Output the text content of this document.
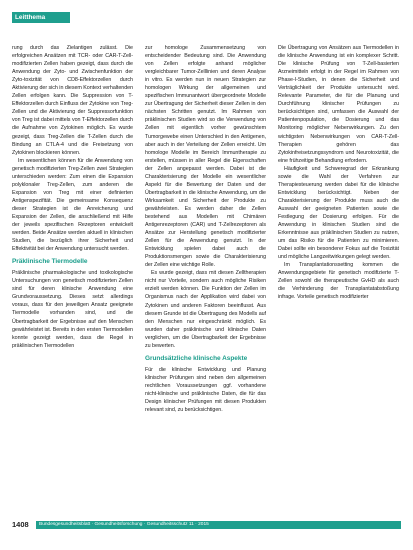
Leitthema

rung durch das Zielantigen zulässt. Die erfolgreichen Ansätzen mit TCR- oder CAR-T-Zell-modifizierten Zellen haben gezeigt, dass durch die Anwendung der Zyto- und Zwischenfunktion der Zyto-toxizität von CD8-Effektorzellen durch Aktivierung der sich in diesem Kontext verhaltenden Zellen erfolgen kann. Die Suppression von T-Effektorzellen durch Einfluss der Zytokine von Treg-Zellen und die Aktivierung der Suppressorfunktion von Treg ist dabei mittels von T-Effektorzellen durch die Aufnahme von Zytokinen möglich. Es wurde gezeigt, dass Treg-Zellen die T-Zellen durch die Bindung an CTLA-4 und die Freisetzung von Zytokinen blockieren können.

Im wesentlichen können für die Anwendung von genetisch modifizierten Treg-Zellen zwei Strategien unterschieden werden: Zum einen die Expansion polyklonaler Treg-Zellen, zum anderen die Expansion von Treg mit einer definierten Antigenspezifität. Die gemeinsame Konsequenz dieser Strategien ist die Anreicherung und Expansion der Zellen, die anschließend mit Hilfe der jeweils spezifischen Rezeptoren entwickelt werden. Beide Ansätze werden aktuell in klinischen Studien, die bezüglich ihrer Sicherheit und Effektivität bei der Anwendung untersucht werden.

Präklinische Tiermodelle

Präklinische pharmakologische und toxikologische Untersuchungen von genetisch modifizierten Zellen sind für deren klinische Anwendung eine Grundvoraussetzung. Dieses setzt allerdings voraus, dass für den jeweiligen Ansatz geeignete Tiermodelle vorhanden sind, und die Übertragbarkeit der Ergebnisse auf den Menschen gewährleistet ist. Bereits in den ersten Tiermodellen konnte gezeigt werden, dass die Regel in präklinischen Tiermodellen

zur homologe Zusammensetzung von entscheidender Bedeutung sind. Die Anwendung von Zellen erfolgte anhand möglicher vergleichbarer Tumor-Zelllinien und deren Analyse in vitro. Es werden nun in neuen Strategien zur homologen Wirkung der allgemeinen und spezifischen Immunantwort übergeordnete Modelle zur Übertragung der Sicherheit dieser Zellen in den nächsten Schritten genutzt. Im Rahmen von präklinischen Studien wird so die Verwendung von Zellen mit eigentlich vorher gewünschtem Tumorgewebe einen Unterschied in den Antigenen, aber auch in der Verteilung der Zellen erreicht. Um homologe Modelle im Bereich Immuntherapie zu erstellen, müssen in aller Regel die Eigenschaften der Zellen angepasst werden. Dabei ist die Charakterisierung der Modelle ein wesentlicher Aspekt für die Bewertung der Daten und der Übertragbarkeit in die klinische Anwendung, um die Wirksamkeit und Sicherheit der Produkte zu gewährleisten. Es werden daher die Zellen bestehend aus Modellen mit Chimären Antigenrezeptoren (CAR) und T-Zellrezeptoren als Ansätze zur Herstellung genetisch modifizierter Zellen für die Anwendung genutzt. In der Entwicklung spielen dabei auch die Produktionsmengen sowie die Charakterisierung der Zellen eine wichtige Rolle.

Es wurde gezeigt, dass mit diesen Zelltherapien nicht nur Vorteile, sondern auch mögliche Risiken erzielt werden können. Die Funktion der Zellen im Organismus nach der Applikation wird dabei von Zytokinen und anderen Faktoren beeinflusst. Aus diesem Grunde ist die Übertragung des Modells auf den Menschen nur eingeschränkt möglich. Es wurden daher präklinische und klinische Daten verglichen, um die Übertragbarkeit der Ergebnisse zu bewerten.

Grundsätzliche klinische Aspekte

Für die klinische Entwicklung und Planung klinischer Prüfungen sind neben den allgemeinen rechtlichen Voraussetzungen ggf. vorhandene nicht-klinische und präklinische Daten, die für das Design klinischer Prüfungen mit diesen Produkten relevant sind, zu berücksichtigen.

Die Übertragung von Ansätzen aus Tiermodellen in die klinische Anwendung ist ein komplexer Schritt. Die klinische Prüfung von T-Zell-basierten Arzneimitteln erfolgt in der Regel im Rahmen von Phase-I-Studien, in denen die Sicherheit und Verträglichkeit der Produkte untersucht wird. Relevante Parameter, die für die Planung und Durchführung klinischer Prüfungen zu berücksichtigen sind, umfassen die Auswahl der Patientenpopulation, die Dosierung und das Monitoring möglicher Nebenwirkungen. Zu den wichtigsten Nebenwirkungen von CAR-T-Zell-Therapien gehören das Zytokinfreisetzungssyndrom und Neurotoxizität, die eine frühzeitige Behandlung erfordern.

Häufigkeit und Schweregrad der Erkrankung sowie die Wahl der Verfahren zur Therapiesteuerung werden dabei für die klinische Entwicklung berücksichtigt. Neben der Charakterisierung der Produkte muss auch die Auswahl der geeigneten Patienten sowie die Festlegung der Dosierung erfolgen. Für die Anwendung in klinischen Studien sind die Erkenntnisse aus präklinischen Studien zu nutzen, um das Risiko für die Patienten zu minimieren. Dabei sollte ein besonderer Fokus auf die Toxizität und mögliche Langzeitwirkungen gelegt werden.

Im Transplantationssetting kommen die Anwendungsgebiete für genetisch modifizierte T-Zellen sowohl die therapeutische GvHD als auch die Verhinderung der Transplantatabstoßung infrage. Vorteile genetisch modifizierter

1408	Bundesgesundheitsblatt · Gesundheitsforschung · Gesundheitsschutz 11 · 2015
